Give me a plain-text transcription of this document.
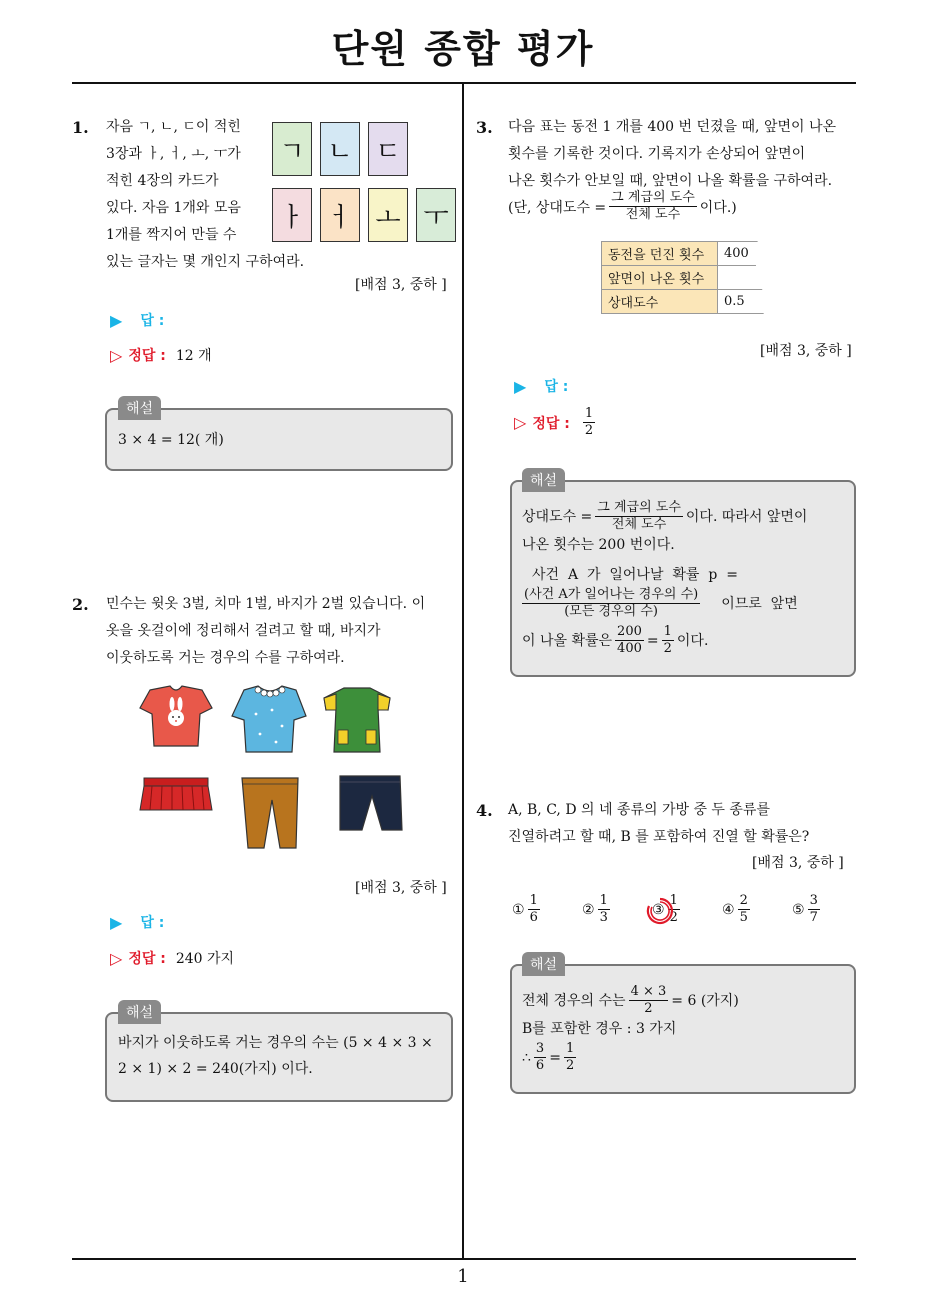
단원 종합 평가
1
1. 자음 ㄱ, ㄴ, ㄷ이 적힌
3장과 ㅏ, ㅓ, ㅗ, ㅜ가
적힌 4장의 카드가
있다. 자음 1개와 모음
1개를 짝지어 만들 수
있는 글자는 몇 개인지 구하여라.
ㄱ ㄴ ㄷ
ㅏ ㅓ ㅗ ㅜ
[배점 3, 중하 ]
▶ 답 :
▷ 정답 : 12 개
해설
3 × 4 = 12( 개)
2. 민수는 윗옷 3벌, 치마 1벌, 바지가 2벌 있습니다. 이
옷을 옷걸이에 정리해서 걸려고 할 때, 바지가
이웃하도록 거는 경우의 수를 구하여라.
[배점 3, 중하 ]
▶ 답 :
▷ 정답 : 240 가지
해설
바지가 이웃하도록 거는 경우의 수는 (5 × 4 × 3 ×
2 × 1) × 2 = 240(가지) 이다.
3. 다음 표는 동전 1 개를 400 번 던졌을 때, 앞면이 나온
횟수를 기록한 것이다. 기록지가 손상되어 앞면이
나온 횟수가 안보일 때, 앞면이 나올 확률을 구하여라.
(단, 상대도수 = $\frac{\text{그 계급의 도수}}{\text{전체 도수}}$ 이다.)
동전을 던진 횟수	400
앞면이 나온 횟수	
상대도수	0.5
[배점 3, 중하 ]
▶ 답 :
▷ 정답 : $\frac{1}{2}$
해설
상대도수 = $\frac{\text{그 계급의 도수}}{\text{전체 도수}}$ 이다. 따라서 앞면이
나온 횟수는 200 번이다.
사건  A  가  일어나날  확률  p  =
$\frac{\text{(사건 A가 일어나는 경우의 수)}}{\text{(모든 경우의 수)}}$ 이므로  앞면
이 나올 확률은 $\frac{200}{400} = \frac{1}{2}$ 이다.
4. A, B, C, D 의 네 종류의 가방 중 두 종류를
진열하려고 할 때, B 를 포함하여 진열 할 확률은?
[배점 3, 중하 ]
① $\frac{1}{6}$	② $\frac{1}{3}$	③ $\frac{1}{2}$	④ $\frac{2}{5}$	⑤ $\frac{3}{7}$
해설
전체 경우의 수는 $\frac{4 \times 3}{2} = 6$ (가지)
B를 포함한 경우 : 3 가지
∴ $\frac{3}{6} = \frac{1}{2}$
